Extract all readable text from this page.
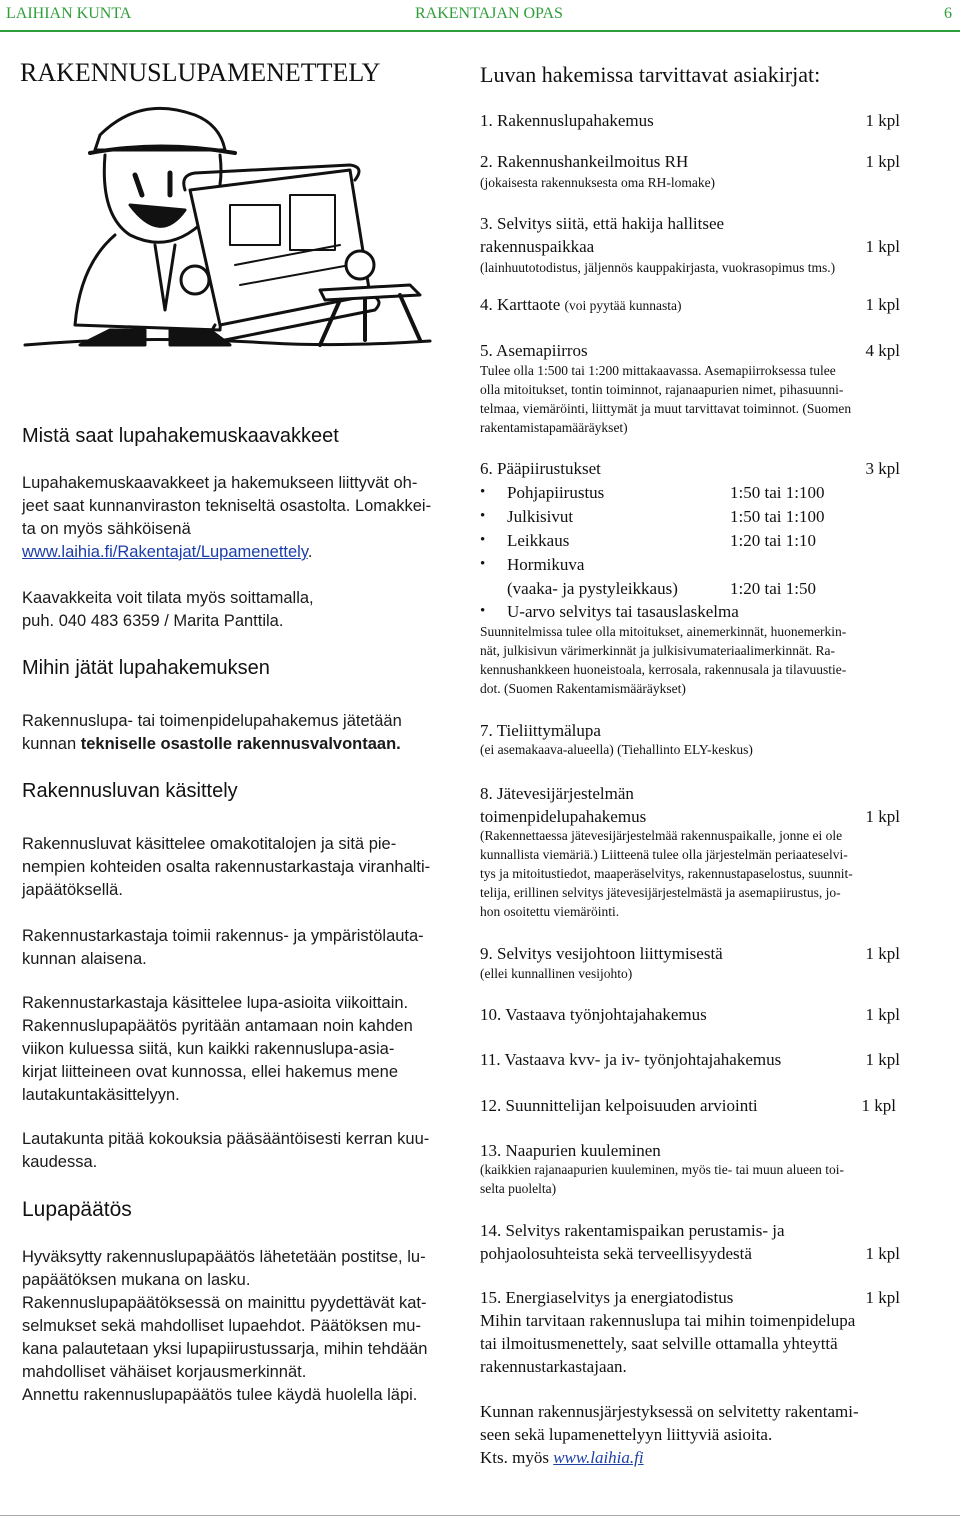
LAIHIAN KUNTA	RAKENTAJAN OPAS	6
RAKENNUSLUPAMENETTELY
Mistä saat lupahakemuskaavakkeet
Lupahakemuskaavakkeet ja hakemukseen liittyvät oh-
jeet saat kunnanviraston tekniseltä osastolta. Lomakkei-
ta on myös sähköisenä
www.laihia.fi/Rakentajat/Lupamenettely.
Kaavakkeita voit tilata myös soittamalla,
puh. 040 483 6359 / Marita Panttila.
Mihin jätät lupahakemuksen
Rakennuslupa- tai toimenpidelupahakemus jätetään
kunnan tekniselle osastolle rakennusvalvontaan.
Rakennusluvan käsittely
Rakennusluvat käsittelee omakotitalojen ja sitä pie-
nempien kohteiden osalta rakennustarkastaja viranhalti-
japäätöksellä.
Rakennustarkastaja toimii rakennus- ja ympäristölauta-
kunnan alaisena.
Rakennustarkastaja käsittelee lupa-asioita viikoittain.
Rakennuslupapäätös pyritään antamaan noin kahden
viikon kuluessa siitä, kun kaikki rakennuslupa-asia-
kirjat liitteineen ovat kunnossa, ellei hakemus mene
lautakuntakäsittelyyn.
Lautakunta pitää kokouksia pääsääntöisesti kerran kuu-
kaudessa.
Lupapäätös
Hyväksytty rakennuslupapäätös lähetetään postitse, lu-
papäätöksen mukana on lasku.
Rakennuslupapäätöksessä on mainittu pyydettävät kat-
selmukset sekä mahdolliset lupaehdot. Päätöksen mu-
kana palautetaan yksi lupapiirustussarja, mihin tehdään
mahdolliset vähäiset korjausmerkinnät.
Annettu rakennuslupapäätös tulee käydä huolella läpi.
Luvan hakemissa tarvittavat asiakirjat:
1. Rakennuslupahakemus	1 kpl
2. Rakennushankeilmoitus RH	1 kpl
(jokaisesta rakennuksesta oma RH-lomake)
3. Selvitys siitä, että hakija hallitsee
rakennuspaikkaa	1 kpl
(lainhuutotodistus, jäljennös kauppakirjasta, vuokrasopimus tms.)
4. Karttaote (voi pyytää kunnasta)	1 kpl
5. Asemapiirros	4 kpl
Tulee olla 1:500 tai 1:200 mittakaavassa. Asemapiirroksessa tulee
olla mitoitukset, tontin toiminnot, rajanaapurien nimet, pihasuunni-
telmaa, viemäröinti, liittymät ja muut tarvittavat toiminnot. (Suomen
rakentamistapamääräykset)
6. Pääpiirustukset	3 kpl
• Pohjapiirustus	1:50 tai 1:100
• Julkisivut	1:50 tai 1:100
• Leikkaus	1:20 tai 1:10
• Hormikuva
(vaaka- ja pystyleikkaus)	1:20 tai 1:50
• U-arvo selvitys tai tasauslaskelma
Suunnitelmissa tulee olla mitoitukset, ainemerkinnät, huonemerkin-
nät, julkisivun värimerkinnät ja julkisivumateriaalimerkinnät. Ra-
kennushankkeen huoneistoala, kerrosala, rakennusala ja tilavuustie-
dot. (Suomen Rakentamismääräykset)
7. Tieliittymälupa
(ei asemakaava-alueella) (Tiehallinto ELY-keskus)
8. Jätevesijärjestelmän
toimenpidelupahakemus	1 kpl
(Rakennettaessa jätevesijärjestelmää rakennuspaikalle, jonne ei ole
kunnallista viemäriä.) Liitteenä tulee olla järjestelmän periaateselvi-
tys ja mitoitustiedot, maaperäselvitys, rakennustapaselostus, suunnit-
telija, erillinen selvitys jätevesijärjestelmästä ja asemapiirustus, jo-
hon osoitettu viemäröinti.
9. Selvitys vesijohtoon liittymisestä	1 kpl
(ellei kunnallinen vesijohto)
10. Vastaava työnjohtajahakemus	1 kpl
11. Vastaava kvv- ja iv- työnjohtajahakemus	1 kpl
12. Suunnittelijan kelpoisuuden arviointi	1 kpl
13. Naapurien kuuleminen
(kaikkien rajanaapurien kuuleminen, myös tie- tai muun alueen toi-
selta puolelta)
14. Selvitys rakentamispaikan perustamis- ja
pohjaolosuhteista sekä terveellisyydestä	1 kpl
15. Energiaselvitys ja energiatodistus	1 kpl
Mihin tarvitaan rakennuslupa tai mihin toimenpidelupa
tai ilmoitusmenettely, saat selville ottamalla yhteyttä
rakennustarkastajaan.
Kunnan rakennusjärjestyksessä on selvitetty rakentami-
seen sekä lupamenettelyyn liittyviä asioita.
Kts. myös www.laihia.fi
